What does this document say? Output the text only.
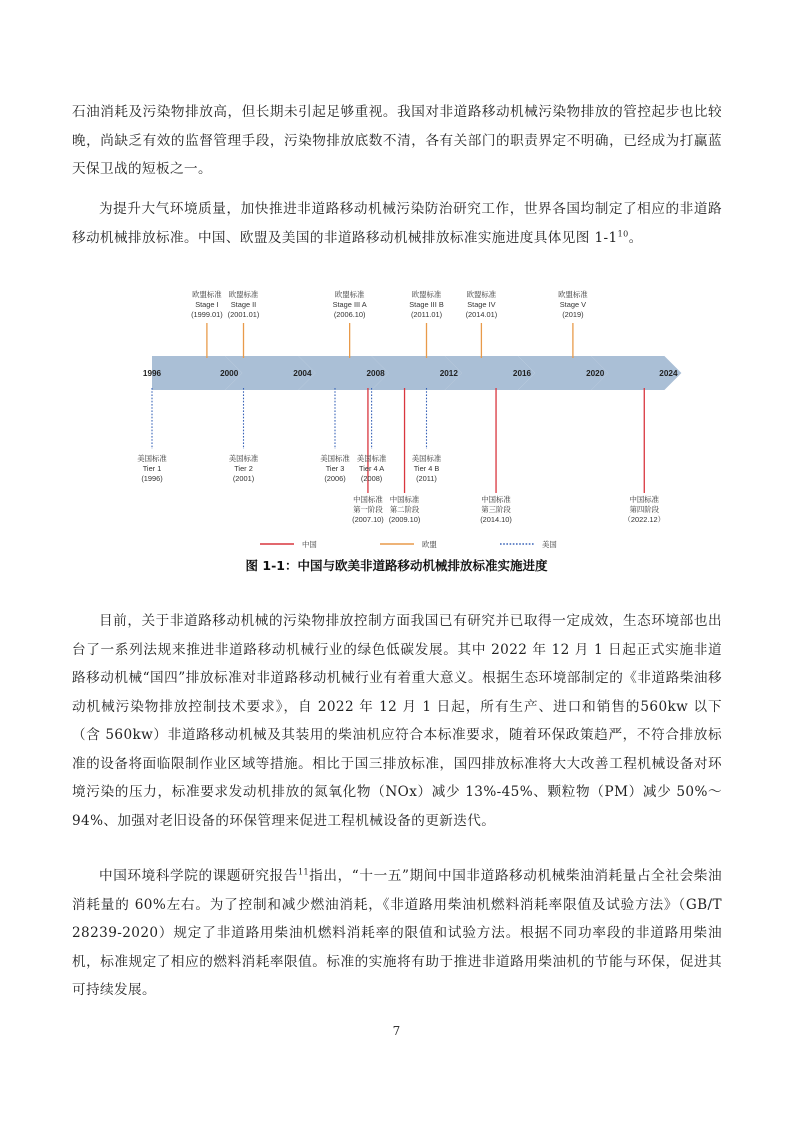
石油消耗及污染物排放高，但长期未引起足够重视。我国对非道路移动机械污染物排放的管控起步也比较晚，尚缺乏有效的监督管理手段，污染物排放底数不清，各有关部门的职责界定不明确，已经成为打赢蓝天保卫战的短板之一。

为提升大气环境质量，加快推进非道路移动机械污染防治研究工作，世界各国均制定了相应的非道路移动机械排放标准。中国、欧盟及美国的非道路移动机械排放标准实施进度具体见图 $1-1^{10}$。

1996	2000	2004	2008	2012	2016	2020	2024
欧盟标准
Stage I
(1999.01)
欧盟标准
Stage II
(2001.01)
欧盟标准
Stage III A
(2006.10)
欧盟标准
Stage III B
(2011.01)
欧盟标准
Stage IV
(2014.01)
欧盟标准
Stage V
(2019)
美国标准
Tier 1
(1996)
美国标准
Tier 2
(2001)
美国标准
Tier 3
(2006)
美国标准
Tier 4 A
(2008)
美国标准
Tier 4 B
(2011)
中国标准
第一阶段
(2007.10)
中国标准
第二阶段
(2009.10)
中国标准
第三阶段
(2014.10)
中国标准
第四阶段
（2022.12）
中国	欧盟	美国
图 1-1：中国与欧美非道路移动机械排放标准实施进度

目前，关于非道路移动机械的污染物排放控制方面我国已有研究并已取得一定成效，生态环境部也出台了一系列法规来推进非道路移动机械行业的绿色低碳发展。其中 2022 年 12 月 1 日起正式实施非道路移动机械“国四”排放标准对非道路移动机械行业有着重大意义。根据生态环境部制定的《非道路柴油移动机械污染物排放控制技术要求》，自 2022 年 12 月 1 日起，所有生产、进口和销售的560kw 以下（含 560kw）非道路移动机械及其装用的柴油机应符合本标准要求，随着环保政策趋严，不符合排放标准的设备将面临限制作业区域等措施。相比于国三排放标准，国四排放标准将大大改善工程机械设备对环境污染的压力，标准要求发动机排放的氮氧化物（NOx）减少 13%-45%、颗粒物（PM）减少 50%～94%、加强对老旧设备的环保管理来促进工程机械设备的更新迭代。

中国环境科学院的课题研究报告$^{11}$指出，“十一五”期间中国非道路移动机械柴油消耗量占全社会柴油消耗量的 60%左右。为了控制和减少燃油消耗，《非道路用柴油机燃料消耗率限值及试验方法》（GB/T 28239-2020）规定了非道路用柴油机燃料消耗率的限值和试验方法。根据不同功率段的非道路用柴油机，标准规定了相应的燃料消耗率限值。标准的实施将有助于推进非道路用柴油机的节能与环保，促进其可持续发展。

7
